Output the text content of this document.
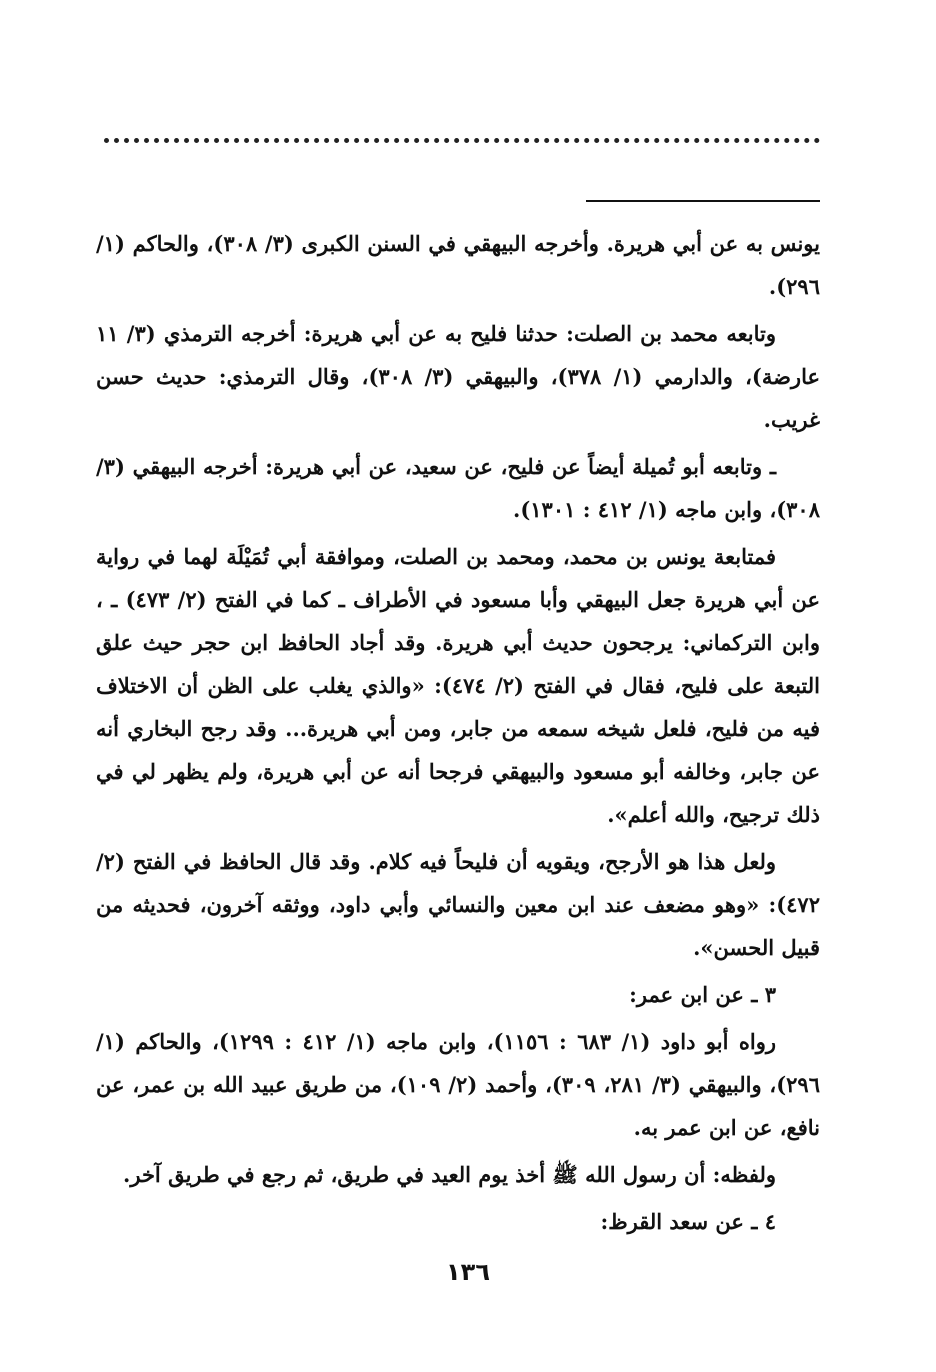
يونس به عن أبي هريرة. وأخرجه البيهقي في السنن الكبرى (٣/ ٣٠٨)، والحاكم (١/ ٢٩٦).

وتابعه محمد بن الصلت: حدثنا فليح به عن أبي هريرة: أخرجه الترمذي (٣/ ١١ عارضة)، والدارمي (١/ ٣٧٨)، والبيهقي (٣/ ٣٠٨)، وقال الترمذي: حديث حسن غريب.

ـ وتابعه أبو تُميلة أيضاً عن فليح، عن سعيد، عن أبي هريرة: أخرجه البيهقي (٣/ ٣٠٨)، وابن ماجه (١/ ٤١٢ : ١٣٠١).

فمتابعة يونس بن محمد، ومحمد بن الصلت، وموافقة أبي تُمَيْلَة لهما في رواية عن أبي هريرة جعل البيهقي وأبا مسعود في الأطراف ـ كما في الفتح (٢/ ٤٧٣) ـ ، وابن التركماني: يرجحون حديث أبي هريرة. وقد أجاد الحافظ ابن حجر حيث علق التبعة على فليح، فقال في الفتح (٢/ ٤٧٤): «والذي يغلب على الظن أن الاختلاف فيه من فليح، فلعل شيخه سمعه من جابر، ومن أبي هريرة... وقد رجح البخاري أنه عن جابر، وخالفه أبو مسعود والبيهقي فرجحا أنه عن أبي هريرة، ولم يظهر لي في ذلك ترجيح، والله أعلم».

ولعل هذا هو الأرجح، ويقويه أن فليحاً فيه كلام. وقد قال الحافظ في الفتح (٢/ ٤٧٢): «وهو مضعف عند ابن معين والنسائي وأبي داود، ووثقه آخرون، فحديثه من قبيل الحسن».

٣ ـ عن ابن عمر:

رواه أبو داود (١/ ٦٨٣ : ١١٥٦)، وابن ماجه (١/ ٤١٢ : ١٢٩٩)، والحاكم (١/ ٢٩٦)، والبيهقي (٣/ ٢٨١، ٣٠٩)، وأحمد (٢/ ١٠٩)، من طريق عبيد الله بن عمر، عن نافع، عن ابن عمر به.

ولفظه: أن رسول الله ﷺ أخذ يوم العيد في طريق، ثم رجع في طريق آخر.

٤ ـ عن سعد القرظ:

١٣٦
